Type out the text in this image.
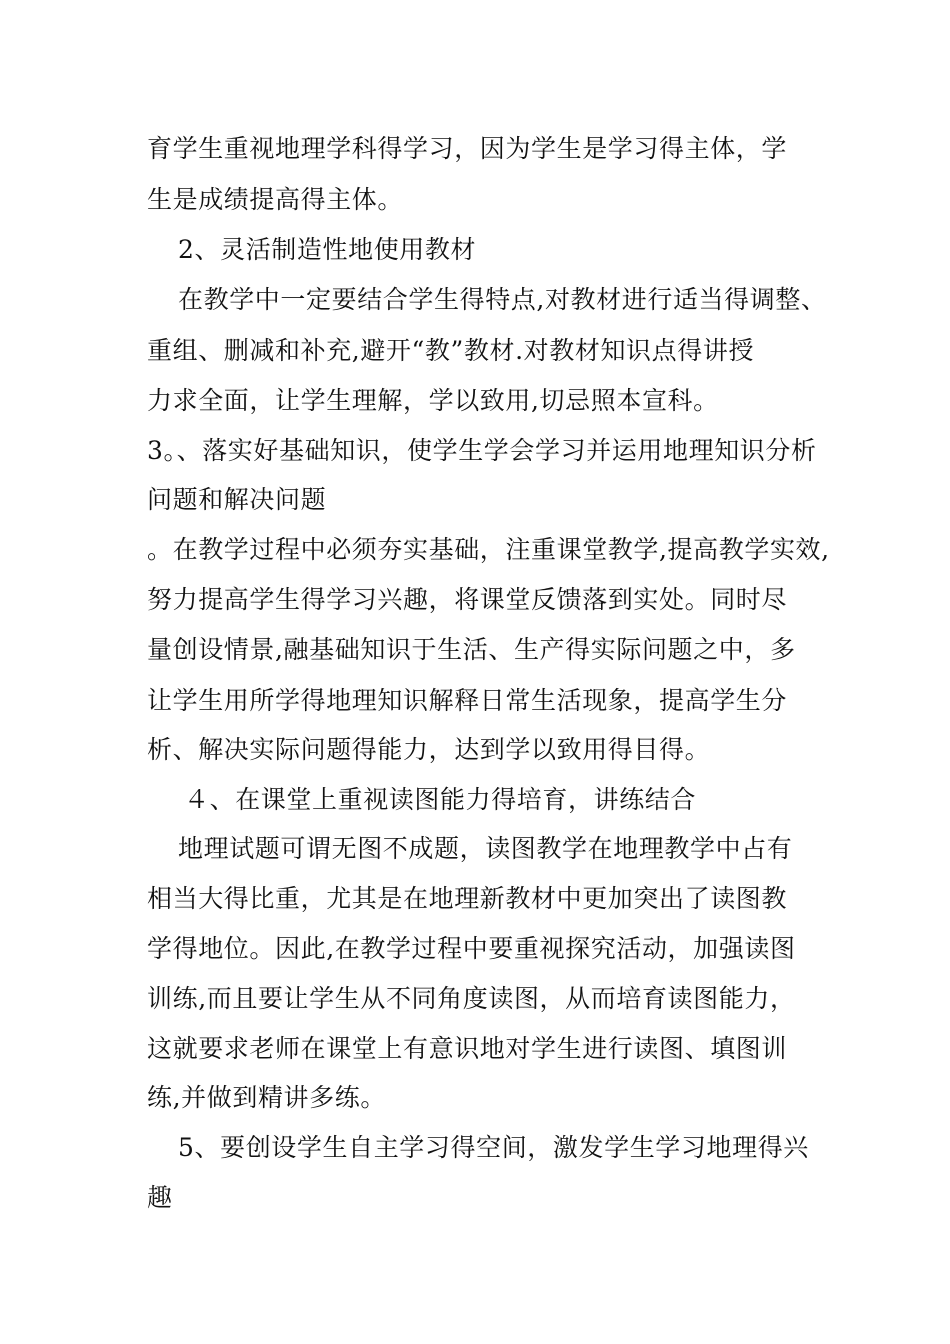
育学生重视地理学科得学习，因为学生是学习得主体，学
生是成绩提高得主体。
2、灵活制造性地使用教材
在教学中一定要结合学生得特点,对教材进行适当得调整、
重组、删减和补充,避开“教”教材.对教材知识点得讲授
力求全面，让学生理解，学以致用,切忌照本宣科。
3。、落实好基础知识，使学生学会学习并运用地理知识分析
问题和解决问题
。在教学过程中必须夯实基础，注重课堂教学,提高教学实效,
努力提高学生得学习兴趣，将课堂反馈落到实处。同时尽
量创设情景,融基础知识于生活、生产得实际问题之中，多
让学生用所学得地理知识解释日常生活现象，提高学生分
析、解决实际问题得能力，达到学以致用得目得。
４、在课堂上重视读图能力得培育，讲练结合
地理试题可谓无图不成题，读图教学在地理教学中占有
相当大得比重，尤其是在地理新教材中更加突出了读图教
学得地位。因此,在教学过程中要重视探究活动，加强读图
训练,而且要让学生从不同角度读图，从而培育读图能力，
这就要求老师在课堂上有意识地对学生进行读图、填图训
练,并做到精讲多练。
5、要创设学生自主学习得空间，激发学生学习地理得兴
趣
